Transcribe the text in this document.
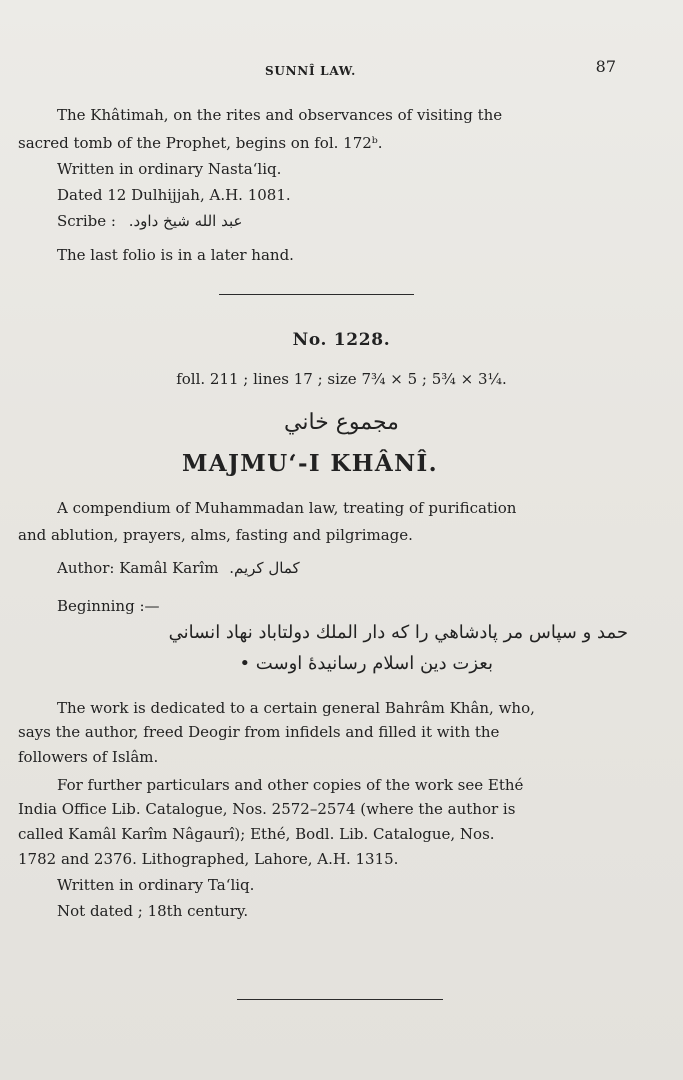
SUNNÎ LAW.	87
The Khâtimah, on the rites and observances of visiting the
sacred tomb of the Prophet, begins on fol. 172ᵇ.
Written in ordinary Nasta‘liq.
Dated 12 Dulhijjah, A.H. 1081.
Scribe : عبد الله شیخ داود.
The last folio is in a later hand.
No. 1228.
foll. 211 ; lines 17 ; size 7¾ × 5 ; 5¾ × 3¼.
مجموع خاني
MAJMU‘-I KHÂNÎ.
A compendium of Muhammadan law, treating of purification
and ablution, prayers, alms, fasting and pilgrimage.
Author: Kamâl Karîm کمال کریم.
Beginning :—
حمد و سپاس مر پادشاهي را که دار الملك دولتاباد نهاد انساني
بعزت دين اسلام رسانيدۀ اوست •
The work is dedicated to a certain general Bahrâm Khân, who,
says the author, freed Deogir from infidels and filled it with the
followers of Islâm.
For further particulars and other copies of the work see Ethé
India Office Lib. Catalogue, Nos. 2572–2574 (where the author is
called Kamâl Karîm Nâgaurî); Ethé, Bodl. Lib. Catalogue, Nos.
1782 and 2376. Lithographed, Lahore, A.H. 1315.
Written in ordinary Ta‘liq.
Not dated ; 18th century.
